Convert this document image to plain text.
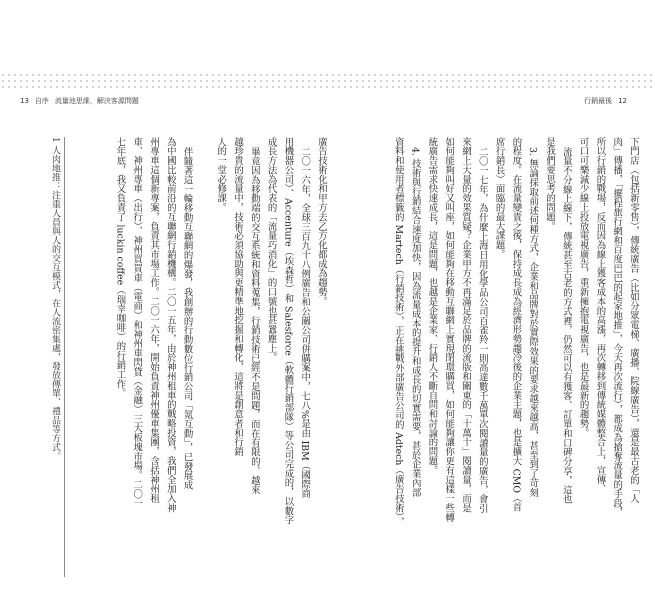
13 自序 流量池思維，解決客源問題	行銷最後 12
下門店（包括新零售），傳統廣告（比如分眾電梯、廣播、院線廣告），還是最古老的「人
肉」傳播，「擺程旅行網和百度巴巴的起家地推」，今天再次流行），都成為搶奪流量的手段，
所以行銷的戰場，反而因為線上獲客成本的高漲，再次轉移到傳統媒體整合上，宣傳、
可口可樂減少線上投放電視廣告，重新擁抱電視廣告，也是最新的趨勢。
流量不分線上線下，傳統甚至古老的方式裡，仍然可以有獲客、訂單和口碑分享，這也
是我們要思考的問題。
3. 無論採取前述何種方式，企業和品牌對於實際效果的要求越來越高，甚至到了苛刻
的程度。在流量變貴之後，保持成長成為經濟形勢趨冷後的企業主題，也是擴大 CMO（首
席行銷長）面臨的最大課題。
二〇一七年，為什麼上海日用化學品公司百雀羚一則高達數千萬單次閱讀量的廣告，會引
來網上大量的效果質疑？企業甲方不再滿足於品牌的流版和關東的「十萬十」閱讀量，而是
如何能夠叫好又叫座，如何能夠在移動互聯網上實現閉環購買，如何能夠讓你更有這樣一些轉
統廣告需求快速成長，這是問題，也越是企業家、行銷人不斷自問和討論的問題。
4. 技術與行銷結合速度加快，因為流量成本的提升和成長的切實需要，甚於企業內部
資料和使用者標籤的 Martech（行銷技術），正在挑戰外部廣告公司的 Adtech（廣告技術），
廣告技術化和甲方去乙方化都成為趨勢。
二〇一六年，全球三百九十八例廣告和公關公司併購案中，七八%是由 IBM（國際商
用機器公司）、Accenture（埃森哲）和 Salesforce（軟體行銷部隊）等公司完成的，以數字
成長方法為代表的「流量巧消化」的口號也甚囂塵上。
畢竟因為移動端的交互系統和資料蒐集，行銷技術已經不是問題，而在有限的、越來
越珍貴的流量中，技術必須協助與更精準地挖掘和轉化，這將是創意者和行銷
人的一堂必修課。
伴隨著這一輪移動互聯網的爆發，我創辦的行動數位行銷公司「氪互動」，已發展成
為中國比較前沿的互聯網行銷機構。二〇一五年，由於神州租車的戰略投資，我們全加入神
州專車這個新專案，負責其市場工作。二〇一六年，開始負責神州優車集團，含括神州租
車、神州專車（出行）、神州買買車（電商）和神州車閃貸（金融）三大板塊市場。二〇一
七年底，我又負責了 luckin coffee（瑞幸咖啡）的行銷工作。
1 人肉地推：注重人員與人的交互模式，在人流密集處，發放傳單、禮品等方式。
